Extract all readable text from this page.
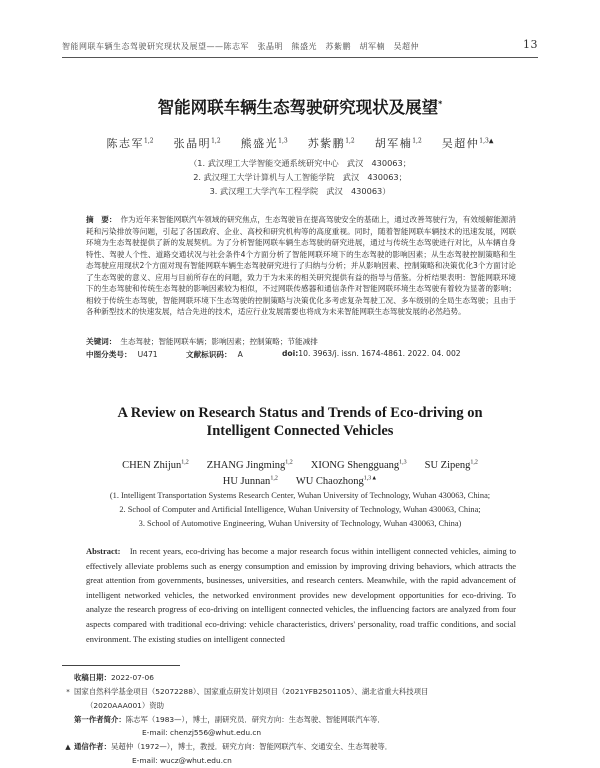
智能网联车辆生态驾驶研究现状及展望——陈志军　张晶明　熊盛光　苏紫鹏　胡军楠　吴超仲	13
智能网联车辆生态驾驶研究现状及展望*
陈志军$^{1,2}$ 张晶明$^{1,2}$ 熊盛光$^{1,3}$ 苏紫鹏$^{1,2}$ 胡军楠$^{1,2}$ 吴超仲$^{1,3▲}$
（1. 武汉理工大学智能交通系统研究中心　武汉　430063；
2. 武汉理工大学计算机与人工智能学院　武汉　430063；
3. 武汉理工大学汽车工程学院　武汉　430063）
摘　要： 作为近年来智能网联汽车领域的研究焦点，生态驾驶旨在提高驾驶安全的基础上，通过改善驾驶行为，有效缓解能源消耗和污染排放等问题，引起了各国政府、企业、高校和研究机构等的高度重视。同时，随着智能网联车辆技术的迅速发展，网联环境为生态驾驶提供了新的发展契机。为了分析智能网联车辆生态驾驶的研究进展，通过与传统生态驾驶进行对比，从车辆自身特性、驾驶人个性、道路交通状况与社会条件4个方面分析了智能网联环境下的生态驾驶的影响因素；从生态驾驶控制策略和生态驾驶应用现状2个方面对现有智能网联车辆生态驾驶研究进行了归纳与分析；并从影响因素、控制策略和决策优化3个方面讨论了生态驾驶的意义、应用与目前所存在的问题，致力于为未来的相关研究提供有益的指导与借鉴。分析结果表明：智能网联环境下的生态驾驶和传统生态驾驶的影响因素较为相似，不过网联传感器和通信条件对智能网联环境生态驾驶有着较为显著的影响；相较于传统生态驾驶，智能网联环境下生态驾驶的控制策略与决策优化多考虑复杂驾驶工况、多车级别的全局生态驾驶；且由于各种新型技术的快速发展，结合先进的技术，适应行业发展需要也将成为未来智能网联生态驾驶发展的必然趋势。
关键词： 生态驾驶；智能网联车辆；影响因素；控制策略；节能减排
中图分类号： U471	文献标识码： A	doi:10. 3963/j. issn. 1674-4861. 2022. 04. 002
A Review on Research Status and Trends of Eco-driving on
Intelligent Connected Vehicles
CHEN Zhijun$^{1,2}$ ZHANG Jingming$^{1,2}$ XIONG Shengguang$^{1,3}$ SU Zipeng$^{1,2}$
HU Junnan$^{1,2}$ WU Chaozhong$^{1,3▲}$
(1. Intelligent Transportation Systems Research Center, Wuhan University of Technology, Wuhan 430063, China;
2. School of Computer and Artificial Intelligence, Wuhan University of Technology, Wuhan 430063, China;
3. School of Automotive Engineering, Wuhan University of Technology, Wuhan 430063, China)
Abstract: In recent years, eco-driving has become a major research focus within intelligent connected vehicles, aiming to effectively alleviate problems such as energy consumption and emission by improving driving behaviors, which attracts the great attention from governments, businesses, universities, and research centers. Meanwhile, with the rapid advancement of intelligent networked vehicles, the networked environment provides new development opportunities for eco-driving. To analyze the research progress of eco-driving on intelligent connected vehicles, the influencing factors are analyzed from four aspects compared with traditional eco-driving: vehicle characteristics, drivers' personality, road traffic conditions, and social environment. The existing studies on intelligent connected
收稿日期：2022-07-06
* 国家自然科学基金项目（52072288）、国家重点研发计划项目（2021YFB2501105）、湖北省重大科技项目
（2020AAA001）资助
第一作者简介：陈志军（1983—），博士，副研究员．研究方向：生态驾驶、智能网联汽车等．
E-mail: chenzj556@whut.edu.cn
▲ 通信作者：吴超仲（1972—），博士，教授．研究方向：智能网联汽车、交通安全、生态驾驶等．
E-mail: wucz@whut.edu.cn
